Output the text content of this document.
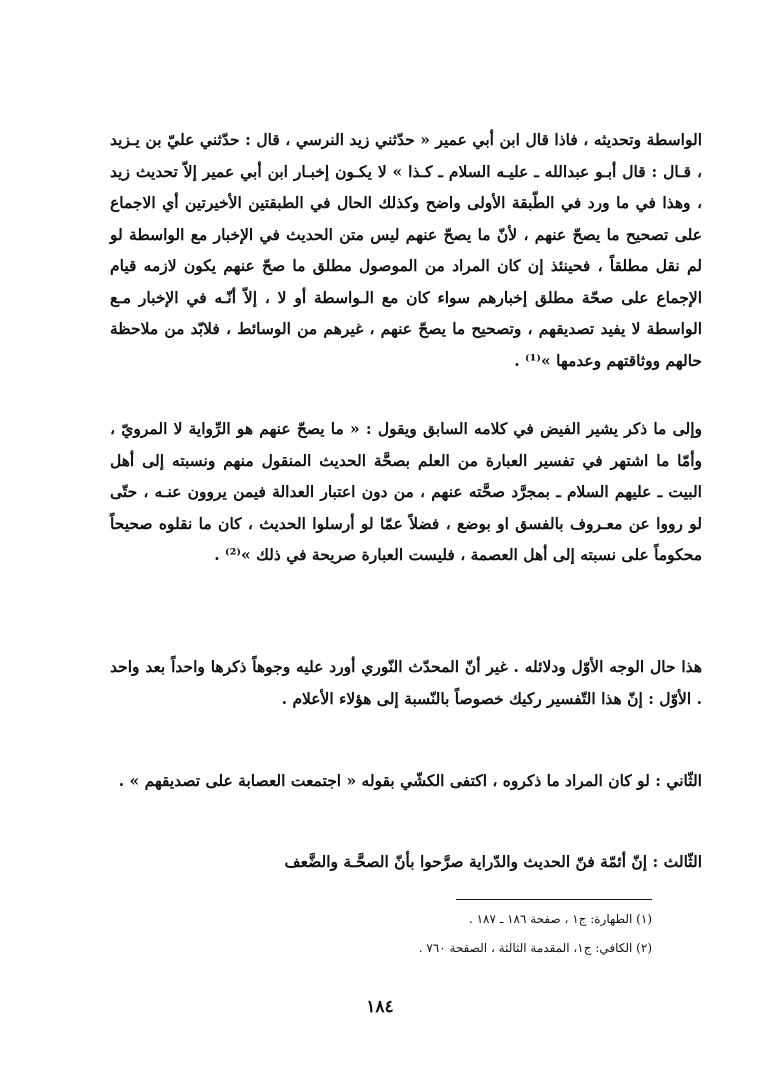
الواسطة وتحديثه ، فاذا قال ابن أبي عمير « حدّثني زيد النرسي ، قال : حدّثني عليّ بن يـزيد ، قـال : قال أبـو عبدالله ـ عليـه السلام ـ كـذا » لا يكـون إخبـار ابن أبي عمير إلاّ تحديث زيد ، وهذا في ما ورد في الطّبقة الأولى واضح وكذلك الحال في الطبقتين الأخيرتين أي الاجماع على تصحيح ما يصحّ عنهم ، لأنّ ما يصحّ عنهم ليس متن الحديث في الإخبار مع الواسطة لو لم نقل مطلقاً ، فحينئذ إن كان المراد من الموصول مطلق ما صحّ عنهم يكون لازمه قيام الإجماع على صحّة مطلق إخبارهم سواء كان مع الـواسطة أو لا ، إلاّ أنّـه في الإخبار مـع الواسطة لا يفيد تصديقهم ، وتصحيح ما يصحّ عنهم ، غيرهم من الوسائط ، فلابّد من ملاحظة حالهم ووثاقتهم وعدمها »⁽¹⁾ .

وإلى ما ذكر يشير الفيض في كلامه السابق ويقول : « ما يصحّ عنهم هو الرِّواية لا المرويّ ، وأمّا ما اشتهر في تفسير العبارة من العلم بصحَّة الحديث المنقول منهم ونسبته إلى أهل البيت ـ عليهم السلام ـ بمجرَّد صحَّته عنهم ، من دون اعتبار العدالة فيمن يروون عنـه ، حتّى لو رووا عن معـروف بالفسق او بوضع ، فضلاً عمّا لو أرسلوا الحديث ، كان ما نقلوه صحيحاً محكوماً على نسبته إلى أهل العصمة ، فليست العبارة صريحة في ذلك »⁽²⁾ .

هذا حال الوجه الأوّل ودلائله . غير أنّ المحدّث النّوري أورد عليه وجوهاً ذكرها واحداً بعد واحد . الأوّل : إنّ هذا التّفسير ركيك خصوصاً بالنّسبة إلى هؤلاء الأعلام .

الثّاني : لو كان المراد ما ذكروه ، اكتفى الكشّي بقوله « اجتمعت العصابة على تصديقهم » .

الثّالث : إنّ أئمّة فنّ الحديث والدّراية صرَّحوا بأنّ الصحَّـة والضَّعف

(١) الطهارة: ج١ ، صفحة ١٨٦ ـ ١٨٧ .
(٢) الكافي: ج١، المقدمة الثالثة ، الصفحة ٧٦٠ .
١٨٤
